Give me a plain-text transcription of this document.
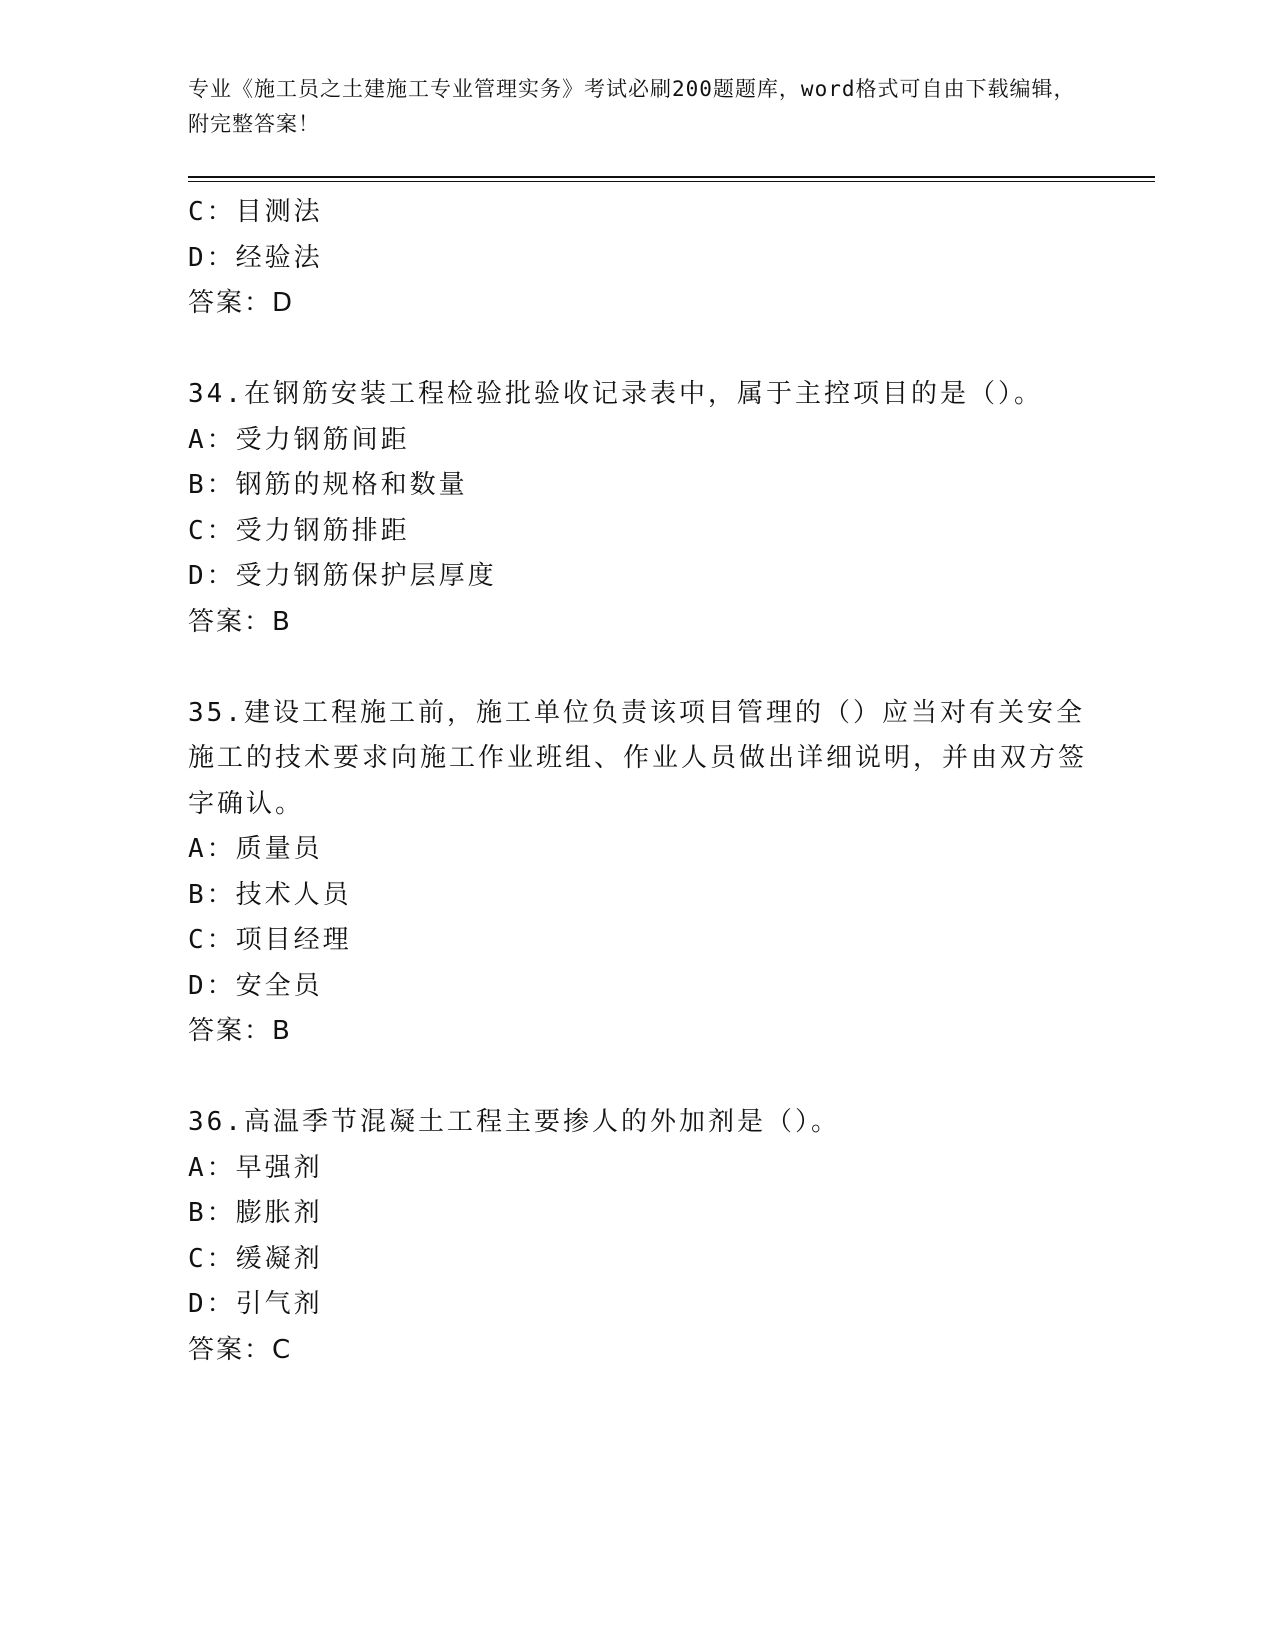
专业《施工员之土建施工专业管理实务》考试必刷200题题库，word格式可自由下载编辑，附完整答案！
C：目测法
D：经验法
答案：D
34.在钢筋安装工程检验批验收记录表中，属于主控项目的是（）。
A：受力钢筋间距
B：钢筋的规格和数量
C：受力钢筋排距
D：受力钢筋保护层厚度
答案：B
35.建设工程施工前，施工单位负责该项目管理的（）应当对有关安全施工的技术要求向施工作业班组、作业人员做出详细说明，并由双方签字确认。
A：质量员
B：技术人员
C：项目经理
D：安全员
答案：B
36.高温季节混凝土工程主要掺人的外加剂是（）。
A：早强剂
B：膨胀剂
C：缓凝剂
D：引气剂
答案：C
